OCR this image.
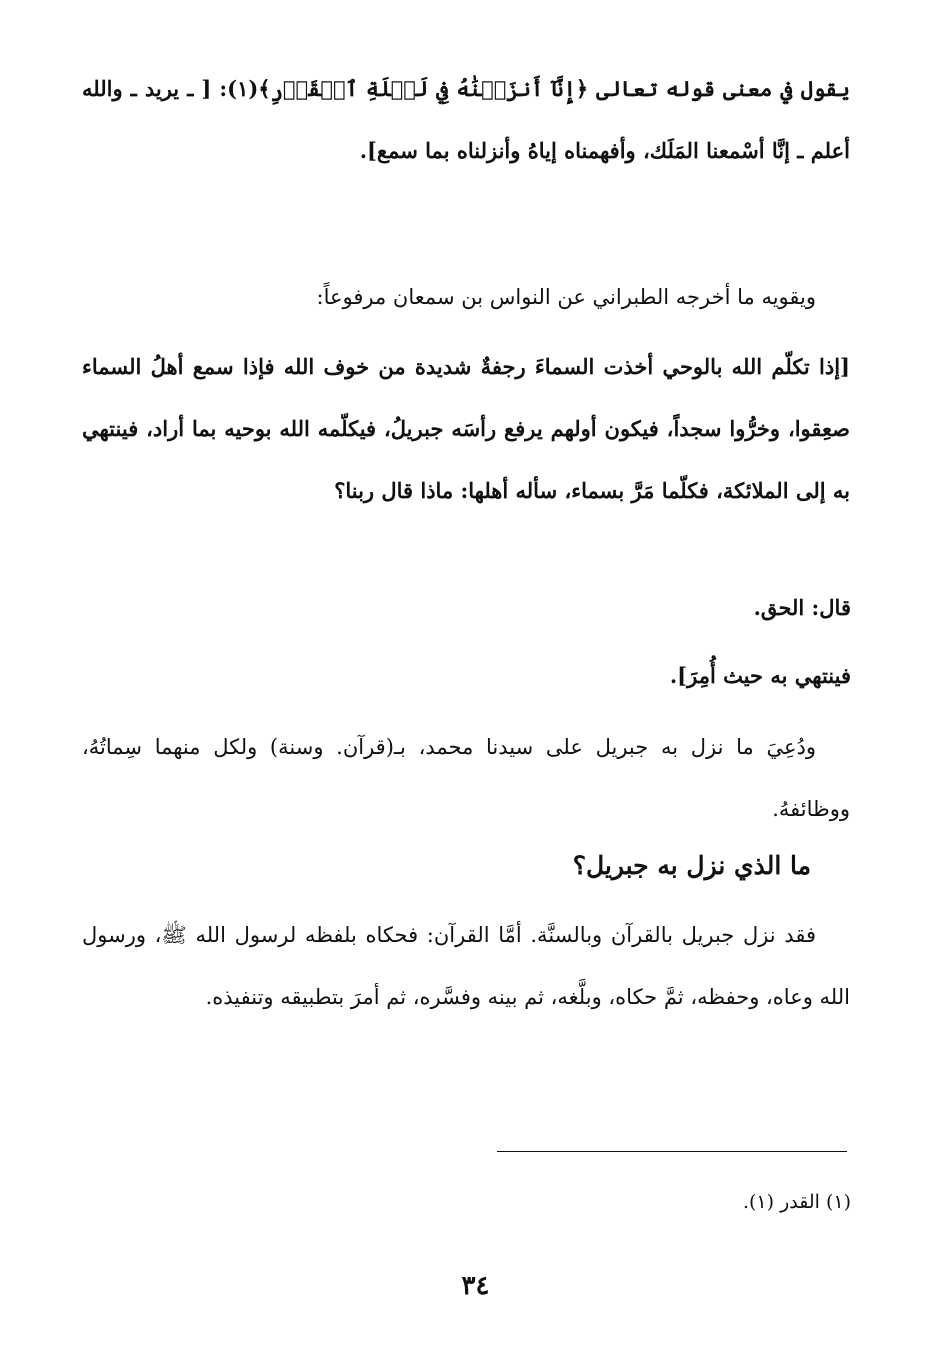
يقول في معنى قوله تعالى ﴿إِنَّآ أَنزَلۡنَٰهُ فِي لَيۡلَةِ ٱلۡقَدۡرِ﴾(١): [ ـ يريد ـ والله أعلم ـ إنَّا أسْمعنا المَلَك، وأفهمناه إياهُ وأنزلناه بما سمع].
ويقويه ما أخرجه الطبراني عن النواس بن سمعان مرفوعاً:
[إذا تكلّم الله بالوحي أخذت السماءَ رجفةٌ شديدة من خوف الله فإذا سمع أهلُ السماء صعِقوا، وخرُّوا سجداً، فيكون أولهم يرفع رأسَه جبريلُ، فيكلّمه الله بوحيه بما أراد، فينتهي به إلى الملائكة، فكلّما مَرَّ بسماء، سأله أهلها: ماذا قال ربنا؟
قال: الحق.
فينتهي به حيث أُمِرَ].
ودُعِيَ ما نزل به جبريل على سيدنا محمد، بـ(قرآن. وسنة) ولكل منهما سِماتُهُ، ووظائفهُ.
ما الذي نزل به جبريل؟
فقد نزل جبريل بالقرآن وبالسنَّة. أمَّا القرآن: فحكاه بلفظه لرسول الله ﷺ، ورسول الله وعاه، وحفظه، ثمَّ حكاه، وبلَّغه، ثم بينه وفسَّره، ثم أمرَ بتطبيقه وتنفيذه.
(١) القدر (١).
٣٤
